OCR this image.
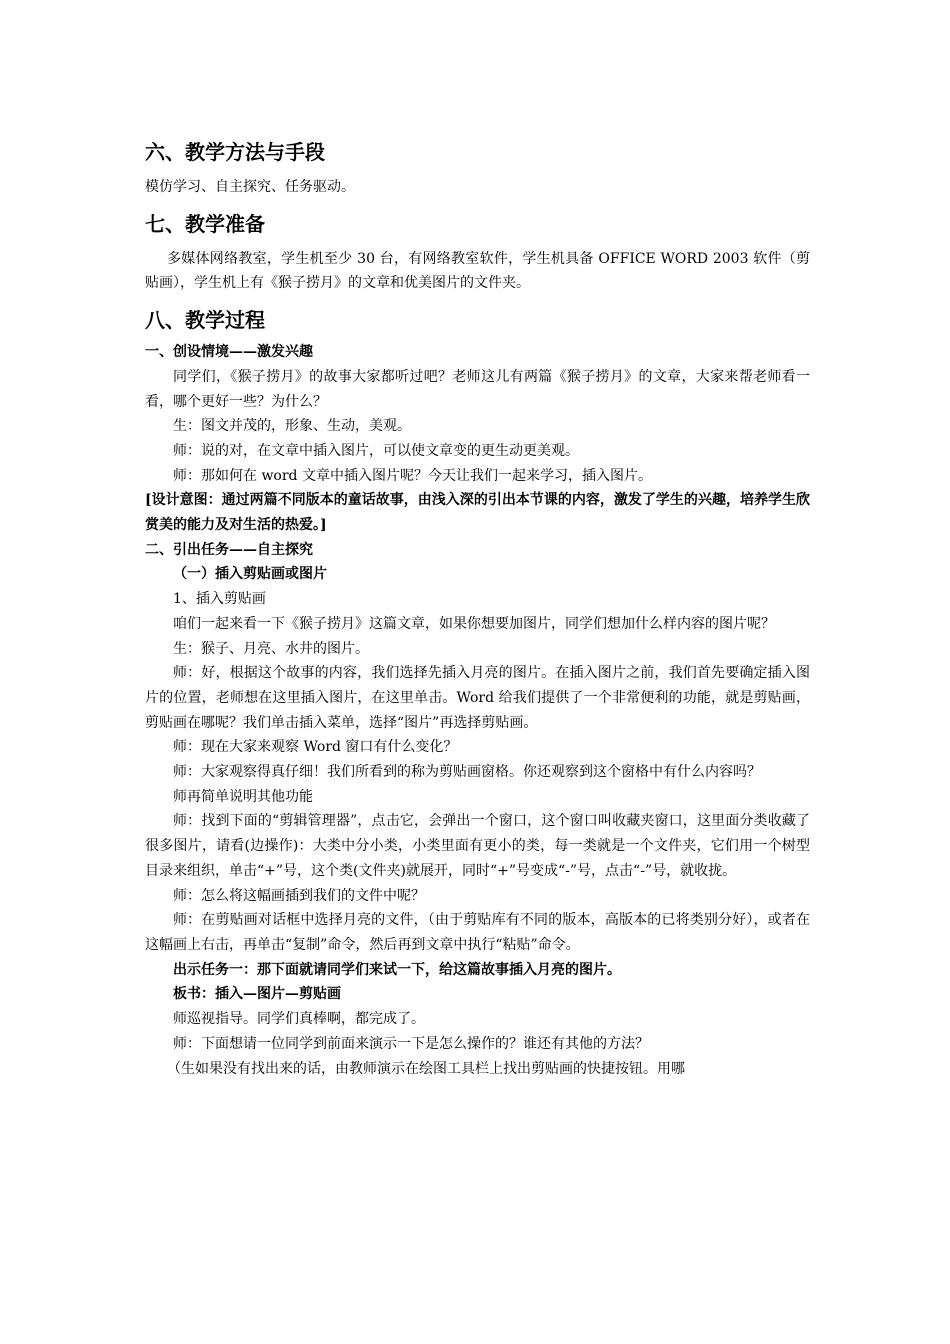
六、教学方法与手段
模仿学习、自主探究、任务驱动。
七、教学准备
多媒体网络教室，学生机至少 30 台，有网络教室软件，学生机具备 OFFICE WORD 2003 软件（剪贴画），学生机上有《猴子捞月》的文章和优美图片的文件夹。
八、教学过程
一、创设情境——激发兴趣
同学们，《猴子捞月》的故事大家都听过吧？老师这儿有两篇《猴子捞月》的文章，大家来帮老师看一看，哪个更好一些？为什么？
生：图文并茂的，形象、生动，美观。
师：说的对，在文章中插入图片，可以使文章变的更生动更美观。
师：那如何在 word 文章中插入图片呢？今天让我们一起来学习，插入图片。
[设计意图：通过两篇不同版本的童话故事，由浅入深的引出本节课的内容，激发了学生的兴趣，培养学生欣赏美的能力及对生活的热爱。]
二、引出任务——自主探究
（一）插入剪贴画或图片
1、插入剪贴画
咱们一起来看一下《猴子捞月》这篇文章，如果你想要加图片，同学们想加什么样内容的图片呢？
生：猴子、月亮、水井的图片。
师：好，根据这个故事的内容，我们选择先插入月亮的图片。在插入图片之前，我们首先要确定插入图片的位置，老师想在这里插入图片，在这里单击。Word 给我们提供了一个非常便利的功能，就是剪贴画，剪贴画在哪呢？我们单击插入菜单，选择“图片”再选择剪贴画。
师：现在大家来观察 Word 窗口有什么变化？
师：大家观察得真仔细！我们所看到的称为剪贴画窗格。你还观察到这个窗格中有什么内容吗？
师再简单说明其他功能
师：找到下面的“剪辑管理器”，点击它，会弹出一个窗口，这个窗口叫收藏夹窗口，这里面分类收藏了很多图片，请看(边操作)：大类中分小类，小类里面有更小的类，每一类就是一个文件夹，它们用一个树型目录来组织，单击“+”号，这个类(文件夹)就展开，同时“+”号变成“-”号，点击“-”号，就收拢。
师：怎么将这幅画插到我们的文件中呢？
师：在剪贴画对话框中选择月亮的文件，（由于剪贴库有不同的版本，高版本的已将类别分好），或者在这幅画上右击，再单击“复制”命令，然后再到文章中执行“粘贴”命令。
出示任务一：那下面就请同学们来试一下，给这篇故事插入月亮的图片。
板书：插入—图片—剪贴画
师巡视指导。同学们真棒啊，都完成了。
师：下面想请一位同学到前面来演示一下是怎么操作的？谁还有其他的方法？
（生如果没有找出来的话，由教师演示在绘图工具栏上找出剪贴画的快捷按钮。用哪
